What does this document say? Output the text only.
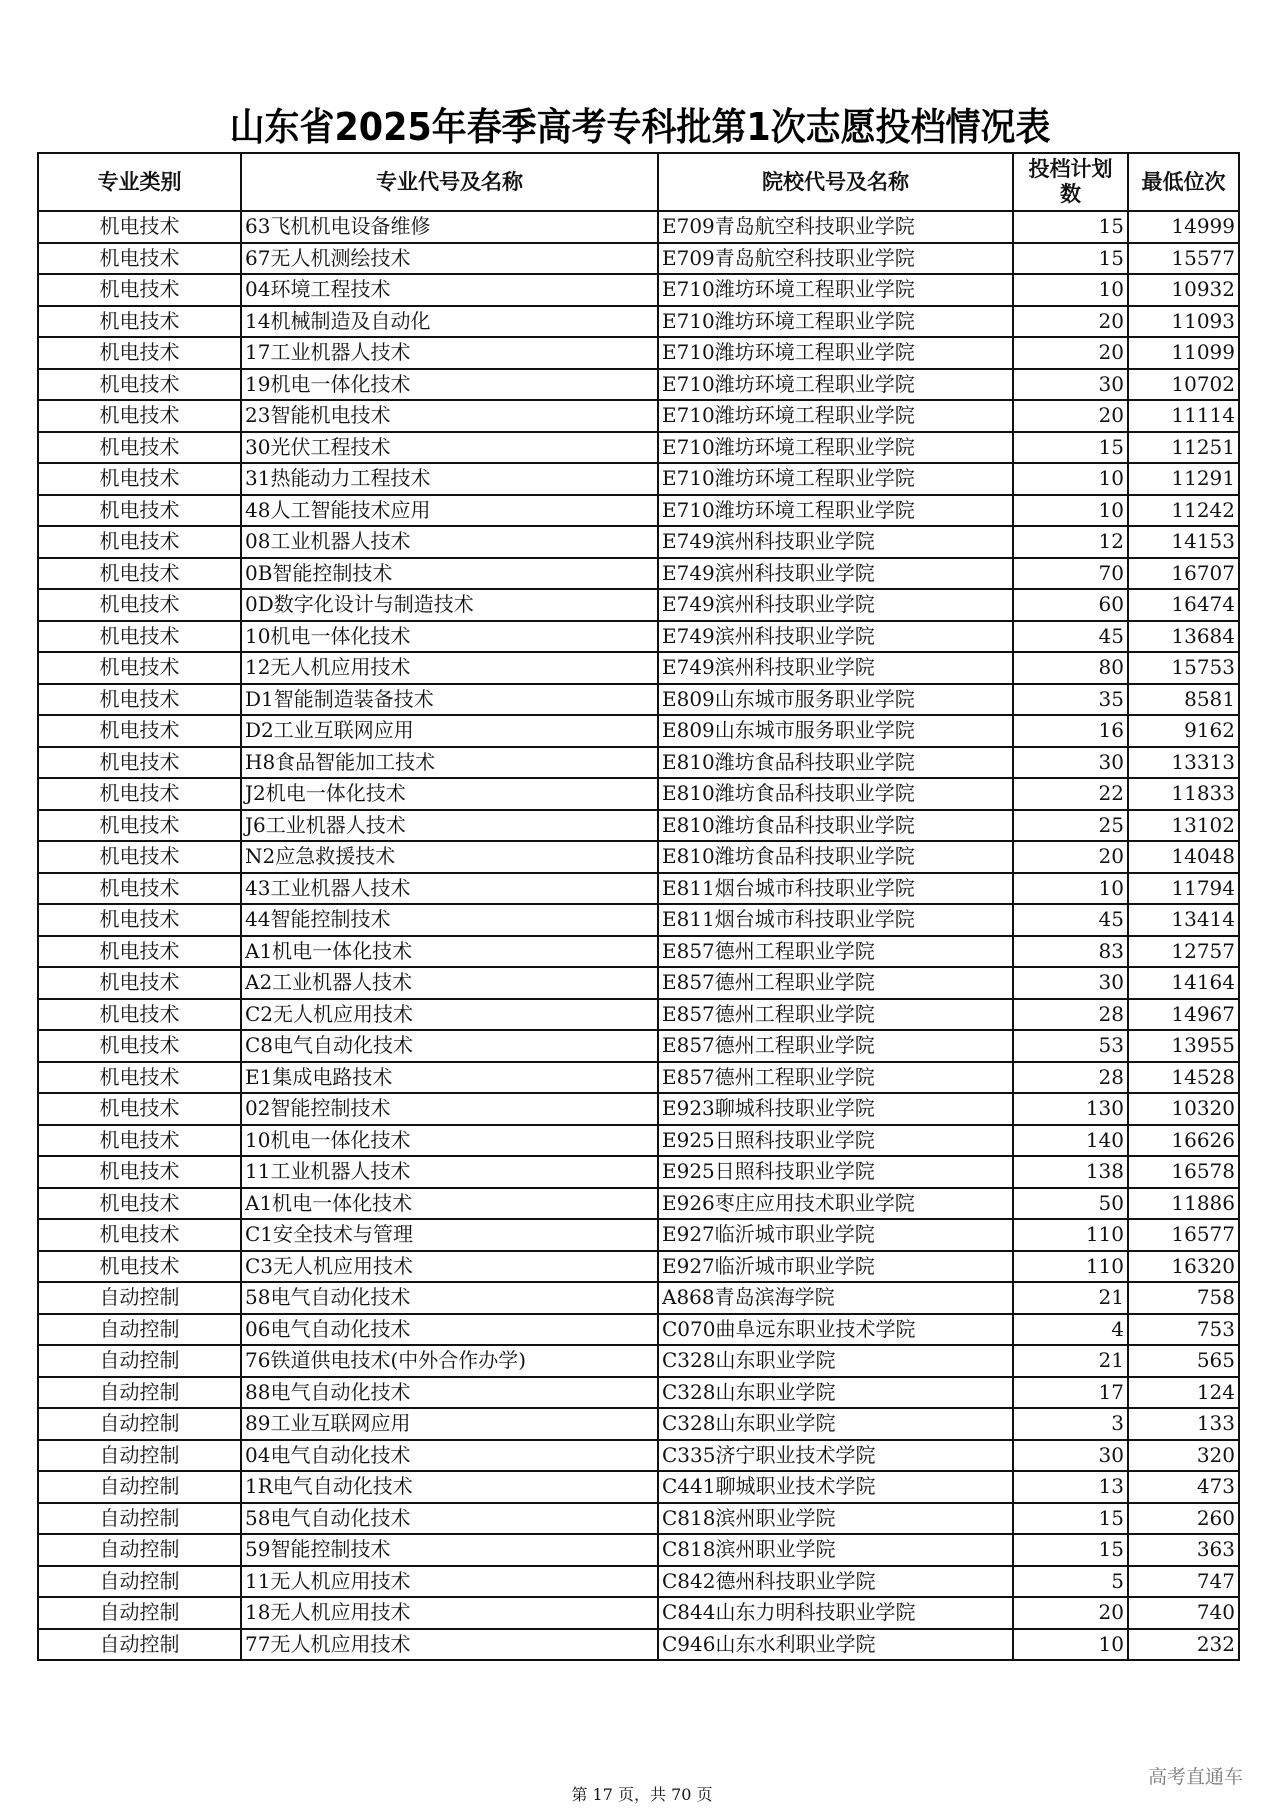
山东省2025年春季高考专科批第1次志愿投档情况表
专业类别	专业代号及名称	院校代号及名称	投档计划数	最低位次
机电技术	63飞机机电设备维修	E709青岛航空科技职业学院	15	14999
机电技术	67无人机测绘技术	E709青岛航空科技职业学院	15	15577
机电技术	04环境工程技术	E710潍坊环境工程职业学院	10	10932
机电技术	14机械制造及自动化	E710潍坊环境工程职业学院	20	11093
机电技术	17工业机器人技术	E710潍坊环境工程职业学院	20	11099
机电技术	19机电一体化技术	E710潍坊环境工程职业学院	30	10702
机电技术	23智能机电技术	E710潍坊环境工程职业学院	20	11114
机电技术	30光伏工程技术	E710潍坊环境工程职业学院	15	11251
机电技术	31热能动力工程技术	E710潍坊环境工程职业学院	10	11291
机电技术	48人工智能技术应用	E710潍坊环境工程职业学院	10	11242
机电技术	08工业机器人技术	E749滨州科技职业学院	12	14153
机电技术	0B智能控制技术	E749滨州科技职业学院	70	16707
机电技术	0D数字化设计与制造技术	E749滨州科技职业学院	60	16474
机电技术	10机电一体化技术	E749滨州科技职业学院	45	13684
机电技术	12无人机应用技术	E749滨州科技职业学院	80	15753
机电技术	D1智能制造装备技术	E809山东城市服务职业学院	35	8581
机电技术	D2工业互联网应用	E809山东城市服务职业学院	16	9162
机电技术	H8食品智能加工技术	E810潍坊食品科技职业学院	30	13313
机电技术	J2机电一体化技术	E810潍坊食品科技职业学院	22	11833
机电技术	J6工业机器人技术	E810潍坊食品科技职业学院	25	13102
机电技术	N2应急救援技术	E810潍坊食品科技职业学院	20	14048
机电技术	43工业机器人技术	E811烟台城市科技职业学院	10	11794
机电技术	44智能控制技术	E811烟台城市科技职业学院	45	13414
机电技术	A1机电一体化技术	E857德州工程职业学院	83	12757
机电技术	A2工业机器人技术	E857德州工程职业学院	30	14164
机电技术	C2无人机应用技术	E857德州工程职业学院	28	14967
机电技术	C8电气自动化技术	E857德州工程职业学院	53	13955
机电技术	E1集成电路技术	E857德州工程职业学院	28	14528
机电技术	02智能控制技术	E923聊城科技职业学院	130	10320
机电技术	10机电一体化技术	E925日照科技职业学院	140	16626
机电技术	11工业机器人技术	E925日照科技职业学院	138	16578
机电技术	A1机电一体化技术	E926枣庄应用技术职业学院	50	11886
机电技术	C1安全技术与管理	E927临沂城市职业学院	110	16577
机电技术	C3无人机应用技术	E927临沂城市职业学院	110	16320
自动控制	58电气自动化技术	A868青岛滨海学院	21	758
自动控制	06电气自动化技术	C070曲阜远东职业技术学院	4	753
自动控制	76铁道供电技术(中外合作办学)	C328山东职业学院	21	565
自动控制	88电气自动化技术	C328山东职业学院	17	124
自动控制	89工业互联网应用	C328山东职业学院	3	133
自动控制	04电气自动化技术	C335济宁职业技术学院	30	320
自动控制	1R电气自动化技术	C441聊城职业技术学院	13	473
自动控制	58电气自动化技术	C818滨州职业学院	15	260
自动控制	59智能控制技术	C818滨州职业学院	15	363
自动控制	11无人机应用技术	C842德州科技职业学院	5	747
自动控制	18无人机应用技术	C844山东力明科技职业学院	20	740
自动控制	77无人机应用技术	C946山东水利职业学院	10	232
第 17 页，共 70 页
高考直通车
